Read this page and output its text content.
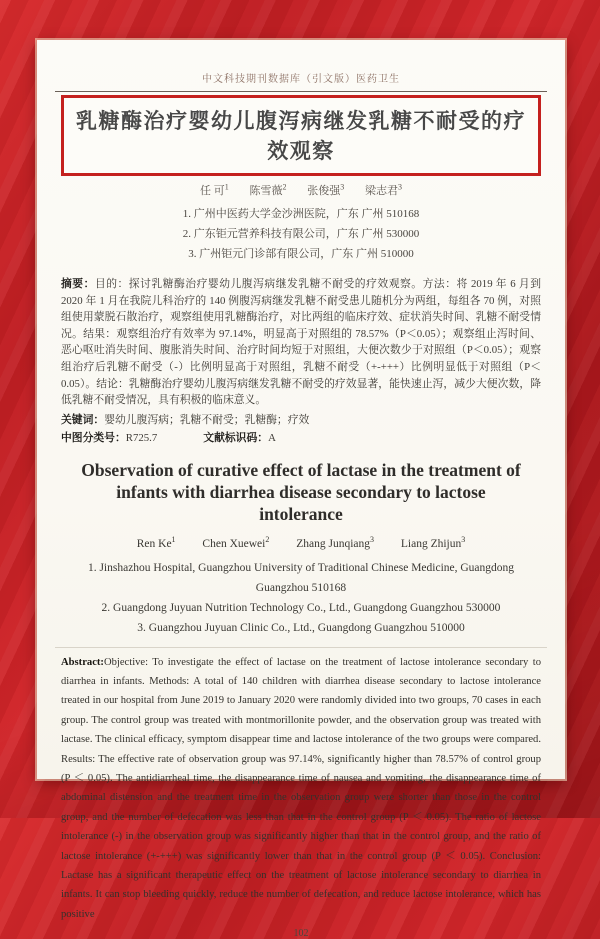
中文科技期刊数据库（引文版）医药卫生
乳糖酶治疗婴幼儿腹泻病继发乳糖不耐受的疗效观察
任 可$^1$ 陈雪薇$^2$ 张俊强$^3$ 梁志君$^3$
1. 广州中医药大学金沙洲医院，广东 广州 510168
2. 广东钜元营养科技有限公司，广东 广州 530000
3. 广州钜元门诊部有限公司，广东 广州 510000
摘要：目的：探讨乳糖酶治疗婴幼儿腹泻病继发乳糖不耐受的疗效观察。方法：将 2019 年 6 月到 2020 年 1 月在我院儿科治疗的 140 例腹泻病继发乳糖不耐受患儿随机分为两组，每组各 70 例，对照组使用蒙脱石散治疗，观察组使用乳糖酶治疗，对比两组的临床疗效、症状消失时间、乳糖不耐受情况。结果：观察组治疗有效率为 97.14%，明显高于对照组的 78.57%（P＜0.05）；观察组止泻时间、恶心呕吐消失时间、腹胀消失时间、治疗时间均短于对照组，大便次数少于对照组（P＜0.05）；观察组治疗后乳糖不耐受（-）比例明显高于对照组，乳糖不耐受（+-+++）比例明显低于对照组（P＜0.05）。结论：乳糖酶治疗婴幼儿腹泻病继发乳糖不耐受的疗效显著，能快速止泻，减少大便次数，降低乳糖不耐受情况，具有积极的临床意义。
关键词：婴幼儿腹泻病；乳糖不耐受；乳糖酶；疗效
中图分类号：R725.7	文献标识码：A
Observation of curative effect of lactase in the treatment of infants with diarrhea disease secondary to lactose intolerance
Ren Ke$^1$ Chen Xuewei$^2$ Zhang Junqiang$^3$ Liang Zhijun$^3$
1. Jinshazhou Hospital, Guangzhou University of Traditional Chinese Medicine, Guangdong Guangzhou 510168
2. Guangdong Juyuan Nutrition Technology Co., Ltd., Guangdong Guangzhou 530000
3. Guangzhou Juyuan Clinic Co., Ltd., Guangdong Guangzhou 510000
Abstract:Objective: To investigate the effect of lactase on the treatment of lactose intolerance secondary to diarrhea in infants. Methods: A total of 140 children with diarrhea disease secondary to lactose intolerance treated in our hospital from June 2019 to January 2020 were randomly divided into two groups, 70 cases in each group. The control group was treated with montmorillonite powder, and the observation group was treated with lactase. The clinical efficacy, symptom disappear time and lactose intolerance of the two groups were compared. Results: The effective rate of observation group was 97.14%, significantly higher than 78.57% of control group (P ＜ 0.05). The antidiarrheal time, the disappearance time of nausea and vomiting, the disappearance time of abdominal distension and the treatment time in the observation group were shorter than those in the control group, and the number of defecation was less than that in the control group (P ＜ 0.05). The ratio of lactose intolerance (-) in the observation group was significantly higher than that in the control group, and the ratio of lactose intolerance (+-+++) was significantly lower than that in the control group (P ＜ 0.05). Conclusion: Lactase has a significant therapeutic effect on the treatment of lactose intolerance secondary to diarrhea in infants. It can stop bleeding quickly, reduce the number of defecation, and reduce lactose intolerance, which has positive
102
